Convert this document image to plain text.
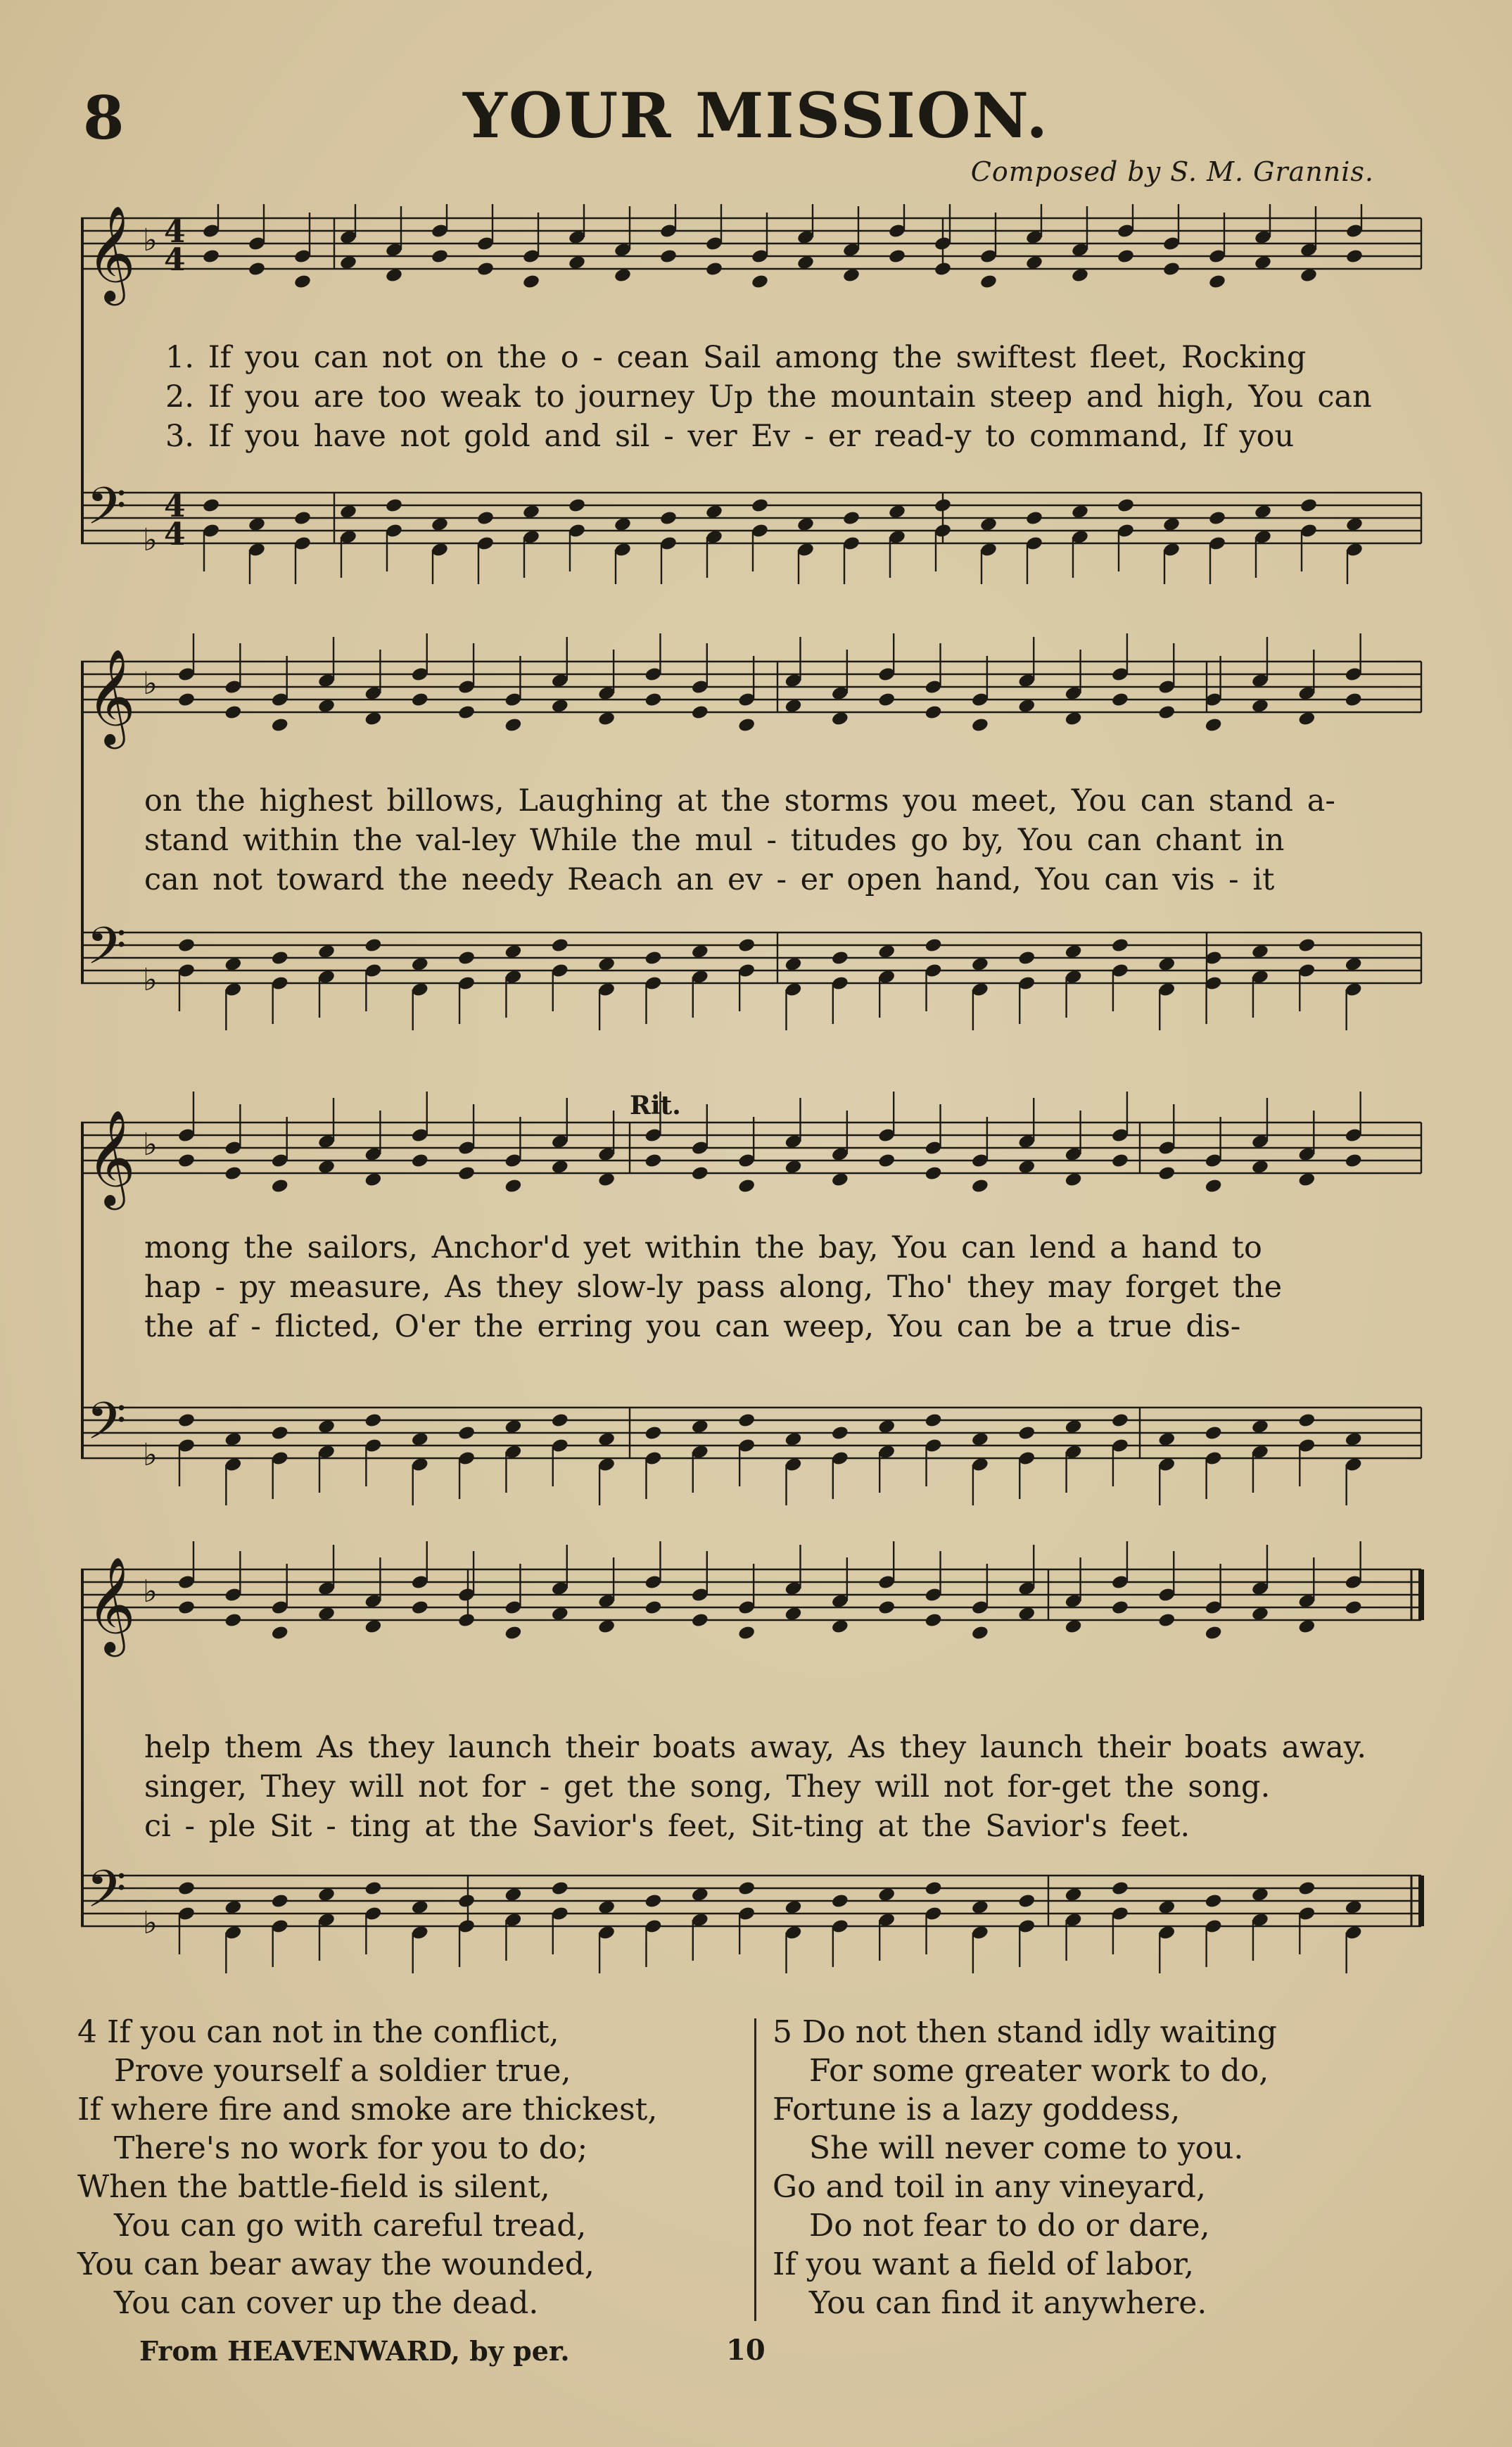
8	YOUR MISSION.
Composed by S. M. Grannis.
𝄞
𝄢
♭
♭
4
4
4
4
1. If you can not on the o - cean Sail among the swiftest fleet, Rocking
2. If you are too weak to journey Up the mountain steep and high, You can
3. If you have not gold and sil - ver Ev - er read-y to command, If you
𝄞
𝄢
♭
♭
on the highest billows, Laughing at the storms you meet, You can stand a-
stand within the val-ley While the mul - titudes go by, You can chant in
can not toward the needy Reach an ev - er open hand, You can vis - it
Rit.
𝄞
𝄢
♭
♭
mong the sailors, Anchor'd yet within the bay, You can lend a hand to
hap - py measure, As they slow-ly pass along, Tho' they may forget the
the af - flicted, O'er the erring you can weep, You can be a true dis-
𝄞
𝄢
♭
♭
help them As they launch their boats away, As they launch their boats away.
singer, They will not for - get the song, They will not for-get the song.
ci - ple Sit - ting at the Savior's feet, Sit-ting at the Savior's feet.
4 If you can not in the conflict,
Prove yourself a soldier true,
If where fire and smoke are thickest,
There's no work for you to do;
When the battle-field is silent,
You can go with careful tread,
You can bear away the wounded,
You can cover up the dead.
5 Do not then stand idly waiting
For some greater work to do,
Fortune is a lazy goddess,
She will never come to you.
Go and toil in any vineyard,
Do not fear to do or dare,
If you want a field of labor,
You can find it anywhere.
From HEAVENWARD, by per.	10
